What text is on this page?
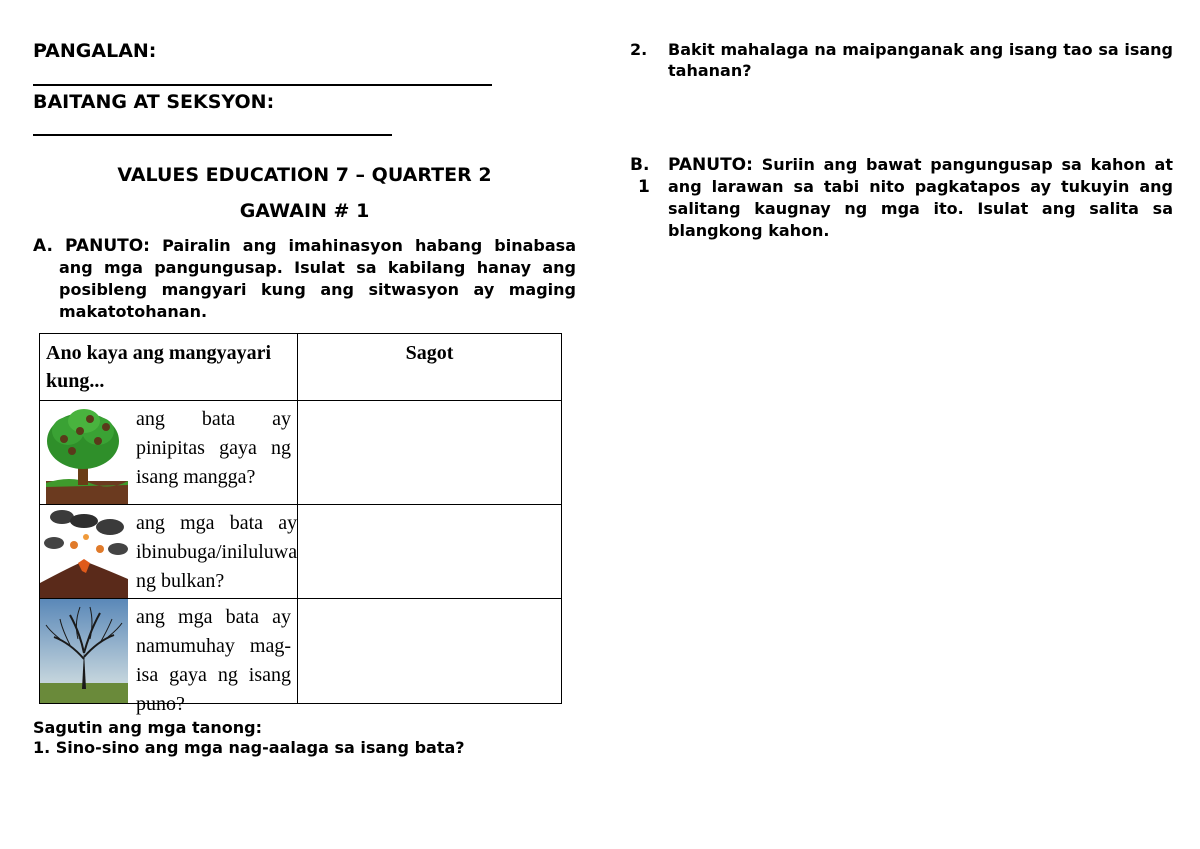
PANGALAN:
BAITANG AT SEKSYON:
VALUES EDUCATION 7 – QUARTER 2
GAWAIN # 1
A. PANUTO: Pairalin ang imahinasyon habang binabasa ang mga pangungusap. Isulat sa kabilang hanay ang posibleng mangyari kung ang sitwasyon ay maging makatotohanan.
Ano kaya ang mangyayari kung...	Sagot

ang bata ay pinipitas gaya ng isang mangga?	

ang mga bata ay ibinubuga/iniluluwa ng bulkan?	

ang mga bata ay namumuhay mag-isa gaya ng isang puno?	

Sagutin ang mga tanong:
1. Sino-sino ang mga nag-aalaga sa isang bata?
2.	Bakit mahalaga na maipanganak ang isang tao sa isang tahanan?
B.
1
PANUTO: Suriin ang bawat pangungusap sa kahon at ang larawan sa tabi nito pagkatapos ay tukuyin ang salitang kaugnay ng mga ito. Isulat ang salita sa blangkong kahon.
